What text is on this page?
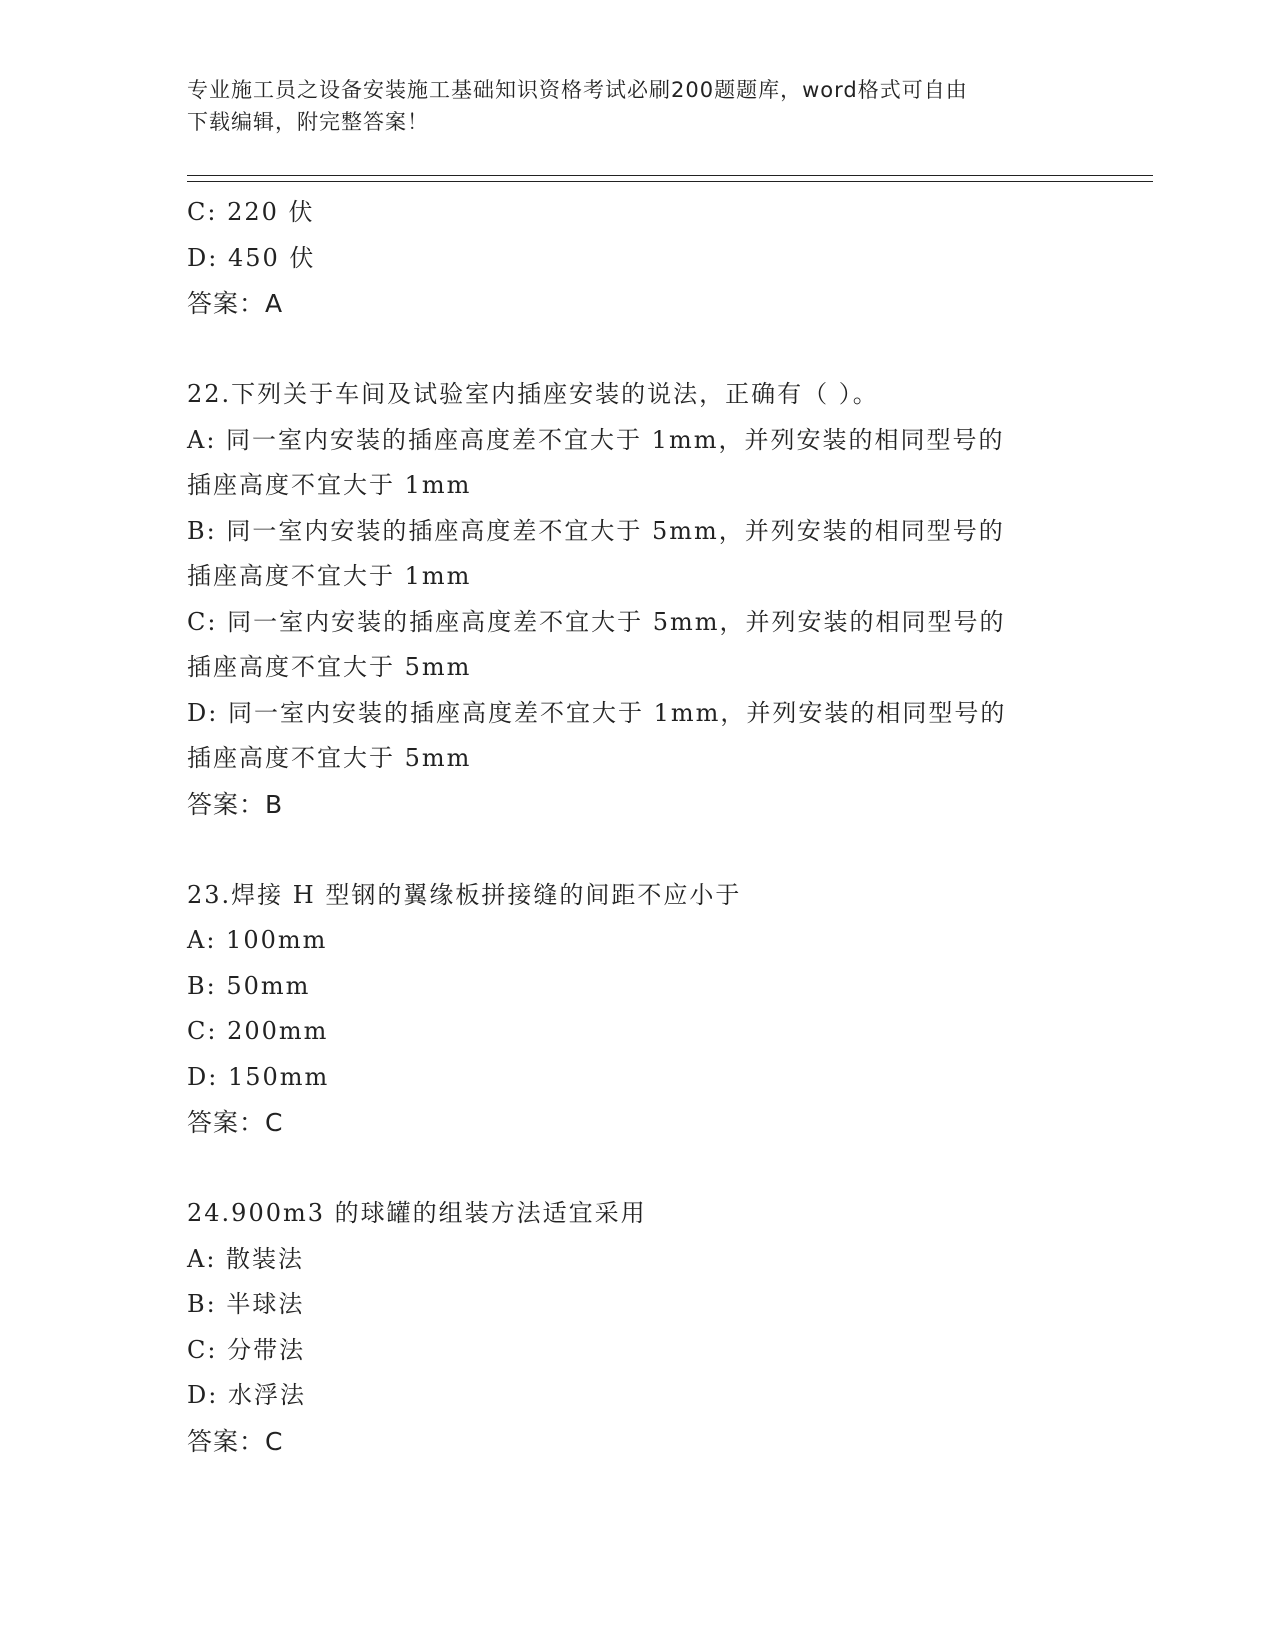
专业施工员之设备安装施工基础知识资格考试必刷200题题库，word格式可自由
下载编辑，附完整答案！
C: 220 伏
D: 450 伏
答案：A
22.下列关于车间及试验室内插座安装的说法，正确有（ ）。
A: 同一室内安装的插座高度差不宜大于 1mm，并列安装的相同型号的
插座高度不宜大于 1mm
B: 同一室内安装的插座高度差不宜大于 5mm，并列安装的相同型号的
插座高度不宜大于 1mm
C: 同一室内安装的插座高度差不宜大于 5mm，并列安装的相同型号的
插座高度不宜大于 5mm
D: 同一室内安装的插座高度差不宜大于 1mm，并列安装的相同型号的
插座高度不宜大于 5mm
答案：B
23.焊接 H 型钢的翼缘板拼接缝的间距不应小于
A: 100mm
B: 50mm
C: 200mm
D: 150mm
答案：C
24.900m3 的球罐的组装方法适宜采用
A: 散装法
B: 半球法
C: 分带法
D: 水浮法
答案：C
